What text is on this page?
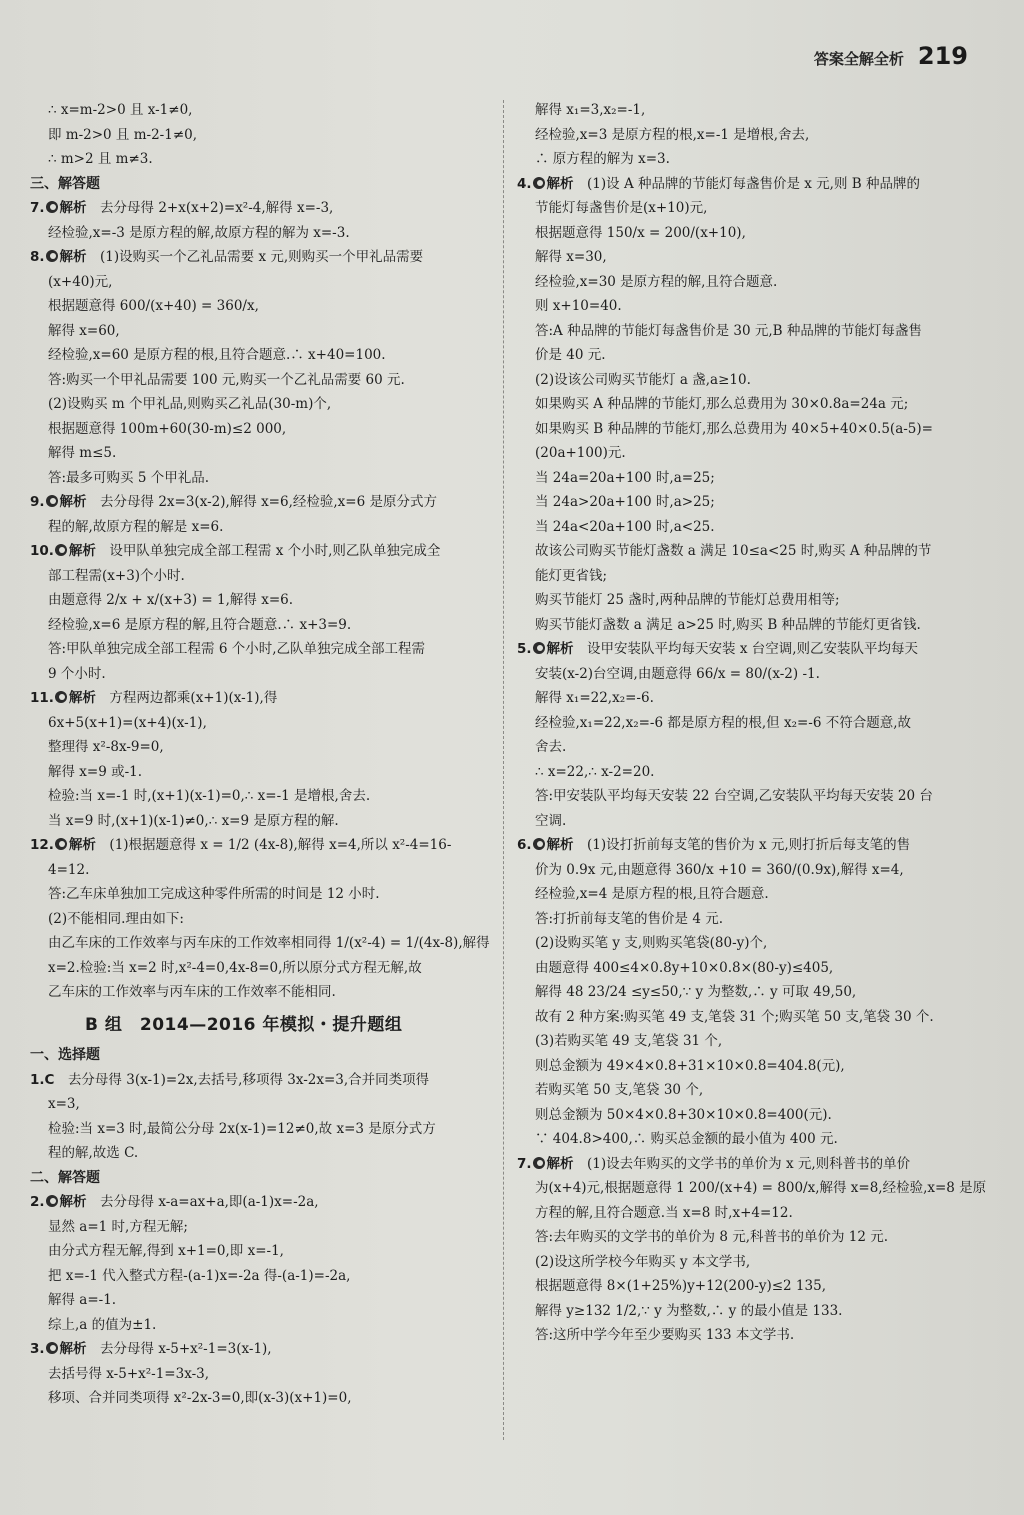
答案全解全析 219
∴ x=m-2>0 且 x-1≠0,
即 m-2>0 且 m-2-1≠0,
∴ m>2 且 m≠3.
三、解答题
7. 解析  去分母得 2+x(x+2)=x²-4,解得 x=-3,
经检验,x=-3 是原方程的解,故原方程的解为 x=-3.
8. 解析  (1)设购买一个乙礼品需要 x 元,则购买一个甲礼品需要
(x+40)元,
根据题意得 600/(x+40) = 360/x,
解得 x=60,
经检验,x=60 是原方程的根,且符合题意.∴ x+40=100.
答:购买一个甲礼品需要 100 元,购买一个乙礼品需要 60 元.
(2)设购买 m 个甲礼品,则购买乙礼品(30-m)个,
根据题意得 100m+60(30-m)≤2 000,
解得 m≤5.
答:最多可购买 5 个甲礼品.
9. 解析  去分母得 2x=3(x-2),解得 x=6,经检验,x=6 是原分式方
程的解,故原方程的解是 x=6.
10. 解析  设甲队单独完成全部工程需 x 个小时,则乙队单独完成全
部工程需(x+3)个小时.
由题意得 2/x + x/(x+3) = 1,解得 x=6.
经检验,x=6 是原方程的解,且符合题意.∴ x+3=9.
答:甲队单独完成全部工程需 6 个小时,乙队单独完成全部工程需
9 个小时.
11. 解析  方程两边都乘(x+1)(x-1),得
6x+5(x+1)=(x+4)(x-1),
整理得 x²-8x-9=0,
解得 x=9 或-1.
检验:当 x=-1 时,(x+1)(x-1)=0,∴ x=-1 是增根,舍去.
当 x=9 时,(x+1)(x-1)≠0,∴ x=9 是原方程的解.
12. 解析  (1)根据题意得 x = 1/2 (4x-8),解得 x=4,所以 x²-4=16-
4=12.
答:乙车床单独加工完成这种零件所需的时间是 12 小时.
(2)不能相同.理由如下:
由乙车床的工作效率与丙车床的工作效率相同得 1/(x²-4) = 1/(4x-8),解得
x=2.检验:当 x=2 时,x²-4=0,4x-8=0,所以原分式方程无解,故
乙车床的工作效率与丙车床的工作效率不能相同.
B 组　2014—2016 年模拟・提升题组
一、选择题
1.C  去分母得 3(x-1)=2x,去括号,移项得 3x-2x=3,合并同类项得
x=3,
检验:当 x=3 时,最简公分母 2x(x-1)=12≠0,故 x=3 是原分式方
程的解,故选 C.
二、解答题
2. 解析  去分母得 x-a=ax+a,即(a-1)x=-2a,
显然 a=1 时,方程无解;
由分式方程无解,得到 x+1=0,即 x=-1,
把 x=-1 代入整式方程-(a-1)x=-2a 得-(a-1)=-2a,
解得 a=-1.
综上,a 的值为±1.
3. 解析  去分母得 x-5+x²-1=3(x-1),
去括号得 x-5+x²-1=3x-3,
移项、合并同类项得 x²-2x-3=0,即(x-3)(x+1)=0,
解得 x₁=3,x₂=-1,
经检验,x=3 是原方程的根,x=-1 是增根,舍去,
∴ 原方程的解为 x=3.
4. 解析  (1)设 A 种品牌的节能灯每盏售价是 x 元,则 B 种品牌的
节能灯每盏售价是(x+10)元,
根据题意得 150/x = 200/(x+10),
解得 x=30,
经检验,x=30 是原方程的解,且符合题意.
则 x+10=40.
答:A 种品牌的节能灯每盏售价是 30 元,B 种品牌的节能灯每盏售
价是 40 元.
(2)设该公司购买节能灯 a 盏,a≥10.
如果购买 A 种品牌的节能灯,那么总费用为 30×0.8a=24a 元;
如果购买 B 种品牌的节能灯,那么总费用为 40×5+40×0.5(a-5)=
(20a+100)元.
当 24a=20a+100 时,a=25;
当 24a>20a+100 时,a>25;
当 24a<20a+100 时,a<25.
故该公司购买节能灯盏数 a 满足 10≤a<25 时,购买 A 种品牌的节
能灯更省钱;
购买节能灯 25 盏时,两种品牌的节能灯总费用相等;
购买节能灯盏数 a 满足 a>25 时,购买 B 种品牌的节能灯更省钱.
5. 解析  设甲安装队平均每天安装 x 台空调,则乙安装队平均每天
安装(x-2)台空调,由题意得 66/x = 80/(x-2) -1.
解得 x₁=22,x₂=-6.
经检验,x₁=22,x₂=-6 都是原方程的根,但 x₂=-6 不符合题意,故
舍去.
∴ x=22,∴ x-2=20.
答:甲安装队平均每天安装 22 台空调,乙安装队平均每天安装 20 台
空调.
6. 解析  (1)设打折前每支笔的售价为 x 元,则打折后每支笔的售
价为 0.9x 元,由题意得 360/x +10 = 360/(0.9x),解得 x=4,
经检验,x=4 是原方程的根,且符合题意.
答:打折前每支笔的售价是 4 元.
(2)设购买笔 y 支,则购买笔袋(80-y)个,
由题意得 400≤4×0.8y+10×0.8×(80-y)≤405,
解得 48 23/24 ≤y≤50,∵ y 为整数,∴ y 可取 49,50,
故有 2 种方案:购买笔 49 支,笔袋 31 个;购买笔 50 支,笔袋 30 个.
(3)若购买笔 49 支,笔袋 31 个,
则总金额为 49×4×0.8+31×10×0.8=404.8(元),
若购买笔 50 支,笔袋 30 个,
则总金额为 50×4×0.8+30×10×0.8=400(元).
∵ 404.8>400,∴ 购买总金额的最小值为 400 元.
7. 解析  (1)设去年购买的文学书的单价为 x 元,则科普书的单价
为(x+4)元,根据题意得 1 200/(x+4) = 800/x,解得 x=8,经检验,x=8 是原
方程的解,且符合题意.当 x=8 时,x+4=12.
答:去年购买的文学书的单价为 8 元,科普书的单价为 12 元.
(2)设这所学校今年购买 y 本文学书,
根据题意得 8×(1+25%)y+12(200-y)≤2 135,
解得 y≥132 1/2,∵ y 为整数,∴ y 的最小值是 133.
答:这所中学今年至少要购买 133 本文学书.
